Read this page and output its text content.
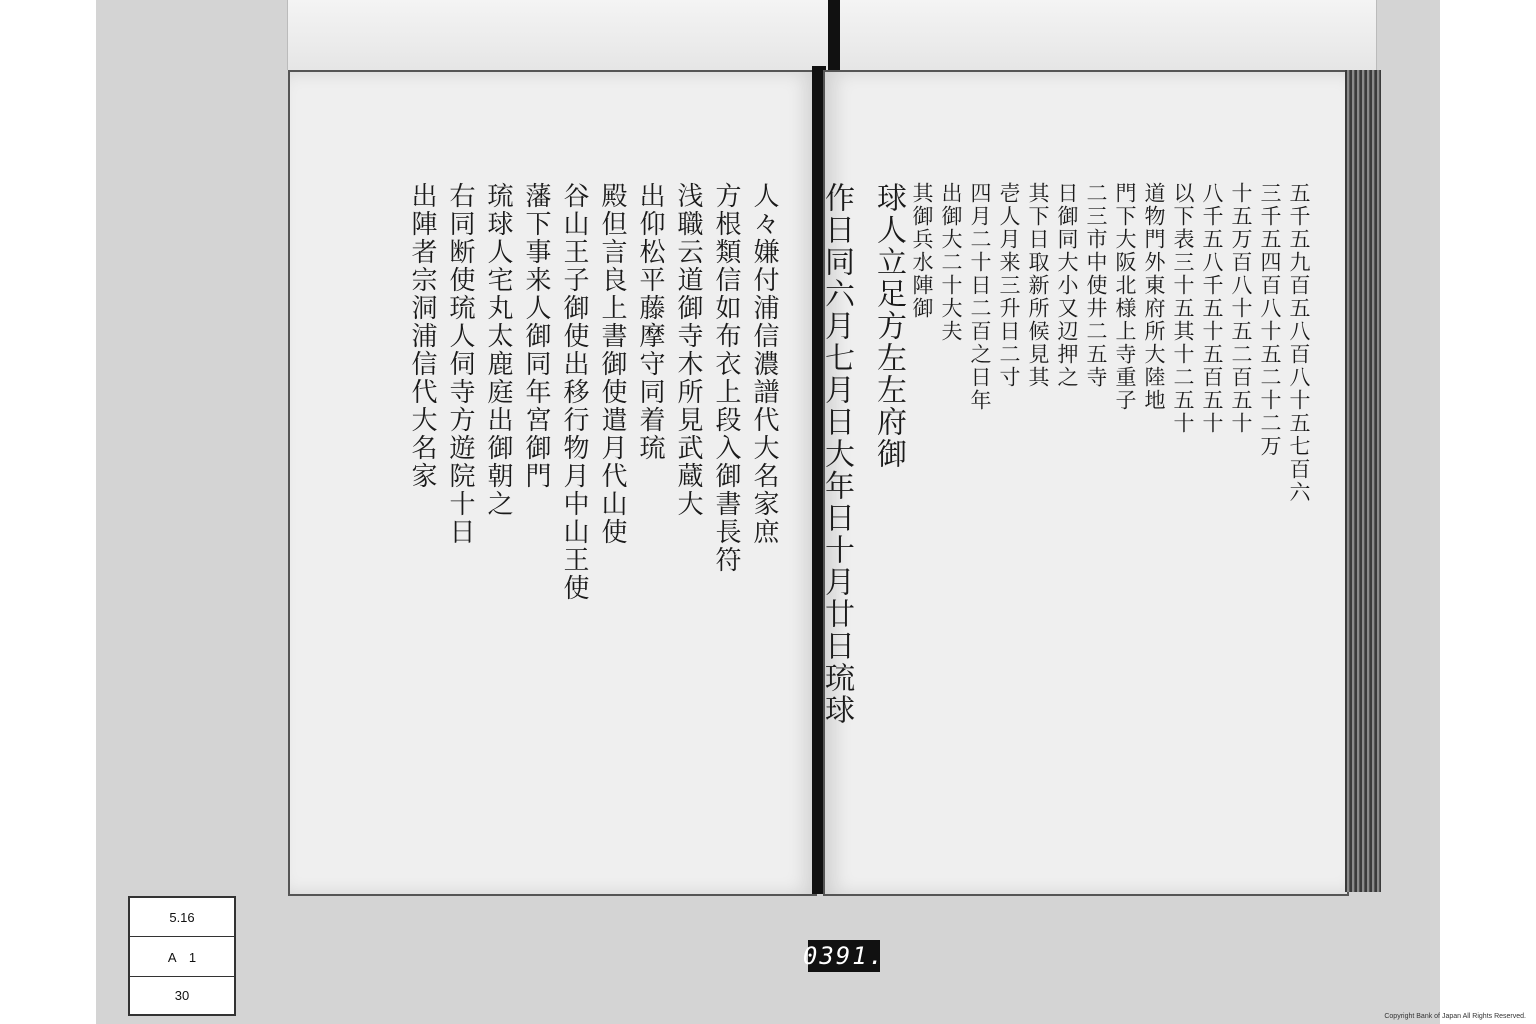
人々嫌付浦信濃譜代大名家庶
方根類信如布衣上段入御書長符
浅職云道御寺木所見武蔵大
出仰松平藤摩守同着琉
殿但言良上書御使遣月代山使
谷山王子御使出移行物月中山王使
藩下事来人御同年宮御門
琉球人宅丸太鹿庭出御朝之
右同断使琉人伺寺方遊院十日
出陣者宗洞浦信代大名家	五千五九百五八百八十五七百六
三千五四百八十五二十二万
十五万百八十五二百五十
八千五八千五十五百五十
以下表三十五其十二五十
道物門外東府所大陸地
門下大阪北様上寺重子
二三市中使井二五寺
日御同大小又辺押之
其下日取新所候見其
壱人月来三升日二寸
四月二十日二百之日年
出御大二十大夫
其御兵水陣御
球人立足方左左府御
作日同六月七月日大年日十月廿日琉球
5.16
A　1
30
0391.
Copyright Bank of Japan All Rights Reserved.
